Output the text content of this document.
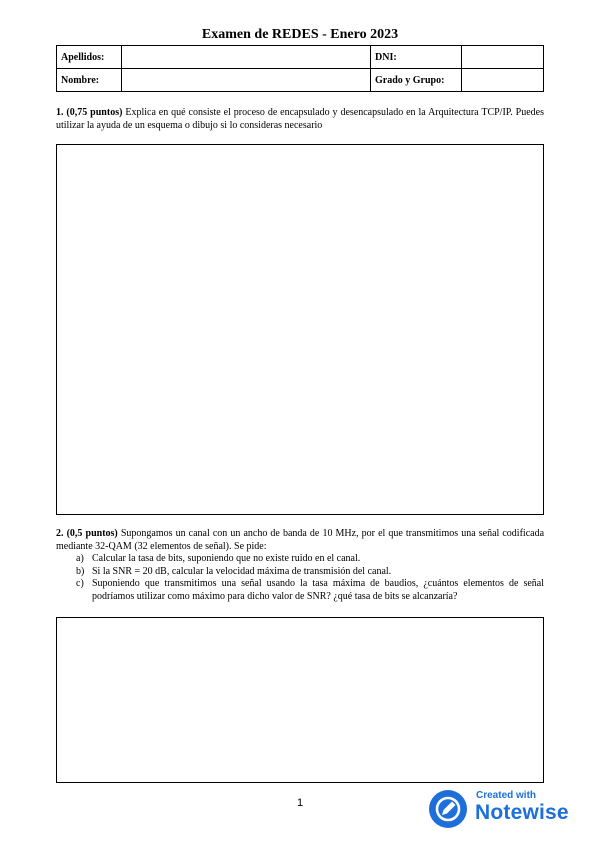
Examen de REDES - Enero 2023
Apellidos:		DNI:	
Nombre:		Grado y Grupo:	
1. (0,75 puntos) Explica en qué consiste el proceso de encapsulado y desencapsulado en la Arquitectura TCP/IP. Puedes utilizar la ayuda de un esquema o dibujo si lo consideras necesario
2. (0,5 puntos) Supongamos un canal con un ancho de banda de 10 MHz, por el que transmitimos una señal codificada mediante 32-QAM (32 elementos de señal). Se pide:
a) Calcular la tasa de bits, suponiendo que no existe ruido en el canal.
b) Si la SNR = 20 dB, calcular la velocidad máxima de transmisión del canal.
c) Suponiendo que transmitimos una señal usando la tasa máxima de baudios, ¿cuántos elementos de señal podríamos utilizar como máximo para dicho valor de SNR? ¿qué tasa de bits se alcanzaría?
1
Created with
Notewise
